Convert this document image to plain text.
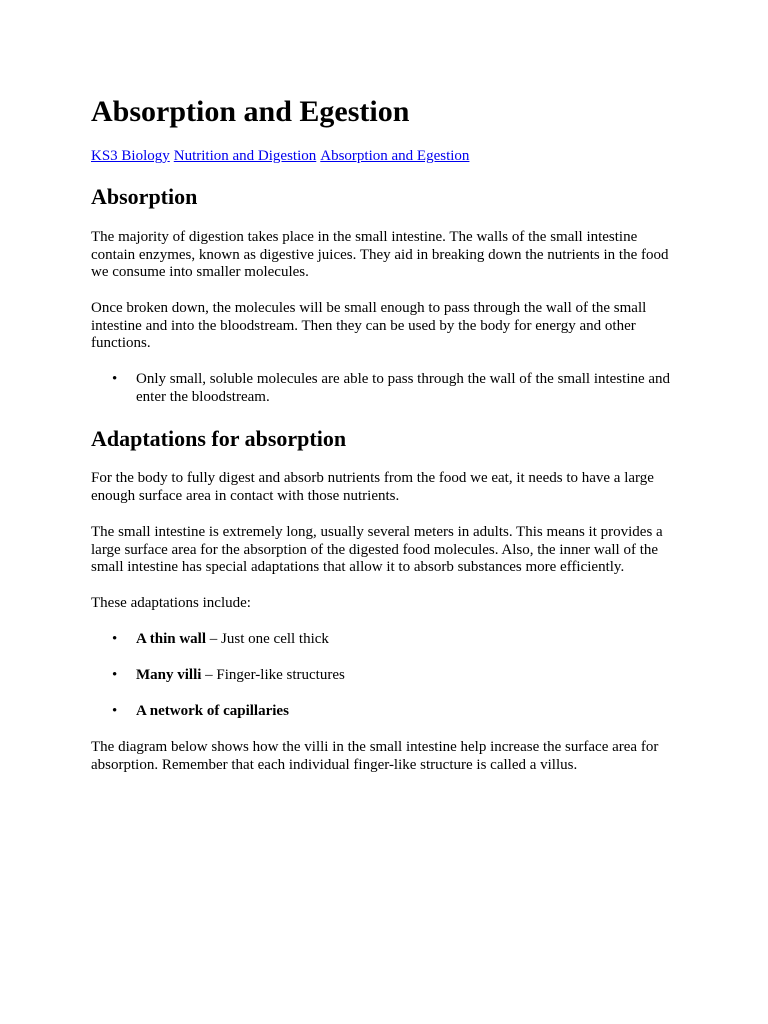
Absorption and Egestion
KS3 Biology Nutrition and Digestion Absorption and Egestion
Absorption

The majority of digestion takes place in the small intestine. The walls of the small intestine contain enzymes, known as digestive juices. They aid in breaking down the nutrients in the food we consume into smaller molecules.

Once broken down, the molecules will be small enough to pass through the wall of the small intestine and into the bloodstream. Then they can be used by the body for energy and other functions.

• Only small, soluble molecules are able to pass through the wall of the small intestine and enter the bloodstream.
Adaptations for absorption

For the body to fully digest and absorb nutrients from the food we eat, it needs to have a large enough surface area in contact with those nutrients.

The small intestine is extremely long, usually several meters in adults. This means it provides a large surface area for the absorption of the digested food molecules. Also, the inner wall of the small intestine has special adaptations that allow it to absorb substances more efficiently.

These adaptations include:

• A thin wall – Just one cell thick
• Many villi – Finger-like structures
• A network of capillaries

The diagram below shows how the villi in the small intestine help increase the surface area for absorption. Remember that each individual finger-like structure is called a villus.
